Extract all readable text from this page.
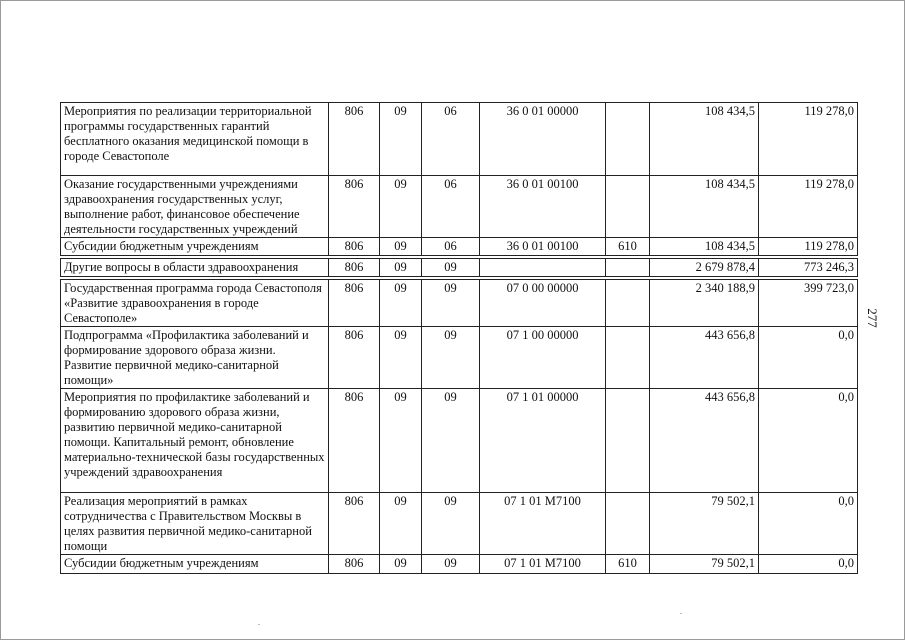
Мероприятия по реализации территориальной программы государственных гарантий бесплатного оказания медицинской помощи в городе Севастополе	806	09	06	36 0 01 00000		108 434,5	119 278,0
Оказание государственными учреждениями здравоохранения государственных услуг, выполнение работ, финансовое обеспечение деятельности государственных учреждений	806	09	06	36 0 01 00100		108 434,5	119 278,0
Субсидии бюджетным учреждениям	806	09	06	36 0 01 00100	610	108 434,5	119 278,0

Другие вопросы в области здравоохранения	806	09	09			2 679 878,4	773 246,3

Государственная программа города Севастополя «Развитие здравоохранения в городе Севастополе»	806	09	09	07 0 00 00000		2 340 188,9	399 723,0
Подпрограмма «Профилактика заболеваний и формирование здорового образа жизни. Развитие первичной медико-санитарной помощи»	806	09	09	07 1 00 00000		443 656,8	0,0
Мероприятия по профилактике заболеваний и формированию здорового образа жизни, развитию первичной медико-санитарной помощи. Капитальный ремонт, обновление материально-технической базы государственных учреждений здравоохранения	806	09	09	07 1 01 00000		443 656,8	0,0
Реализация мероприятий в рамках сотрудничества с Правительством Москвы в целях развития первичной медико-санитарной помощи	806	09	09	07 1 01 M7100		79 502,1	0,0
Субсидии бюджетным учреждениям	806	09	09	07 1 01 M7100	610	79 502,1	0,0
277
